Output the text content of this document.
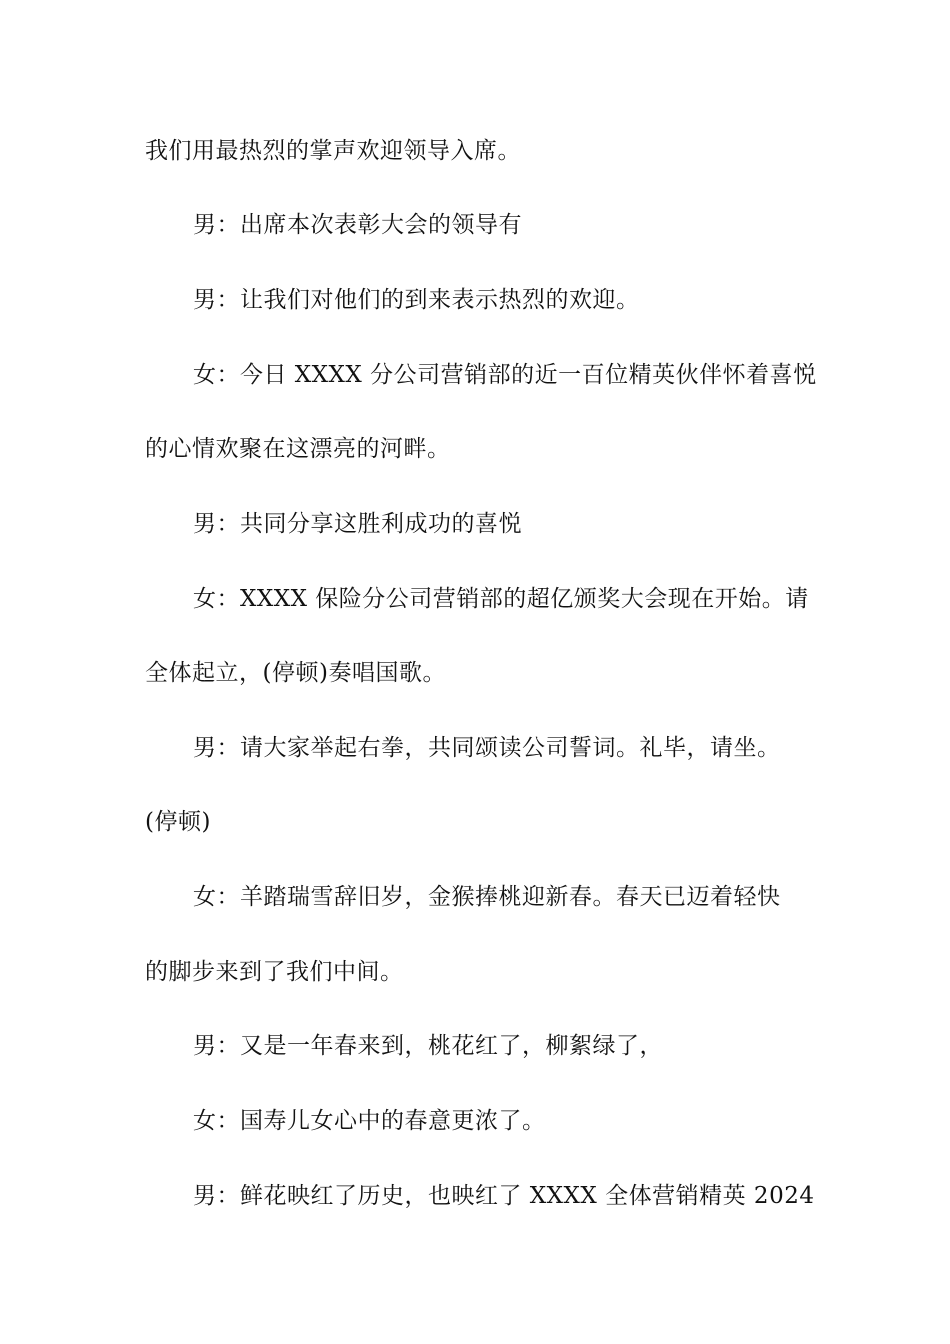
我们用最热烈的掌声欢迎领导入席。
男：出席本次表彰大会的领导有
男：让我们对他们的到来表示热烈的欢迎。
女：今日 XXXX 分公司营销部的近一百位精英伙伴怀着喜悦
的心情欢聚在这漂亮的河畔。
男：共同分享这胜利成功的喜悦
女：XXXX 保险分公司营销部的超亿颁奖大会现在开始。请
全体起立，(停顿)奏唱国歌。
男：请大家举起右拳，共同颂读公司誓词。礼毕，请坐。
(停顿)
女：羊踏瑞雪辞旧岁，金猴捧桃迎新春。春天已迈着轻快
的脚步来到了我们中间。
男：又是一年春来到，桃花红了，柳絮绿了，
女：国寿儿女心中的春意更浓了。
男：鲜花映红了历史，也映红了 XXXX 全体营销精英 2024
